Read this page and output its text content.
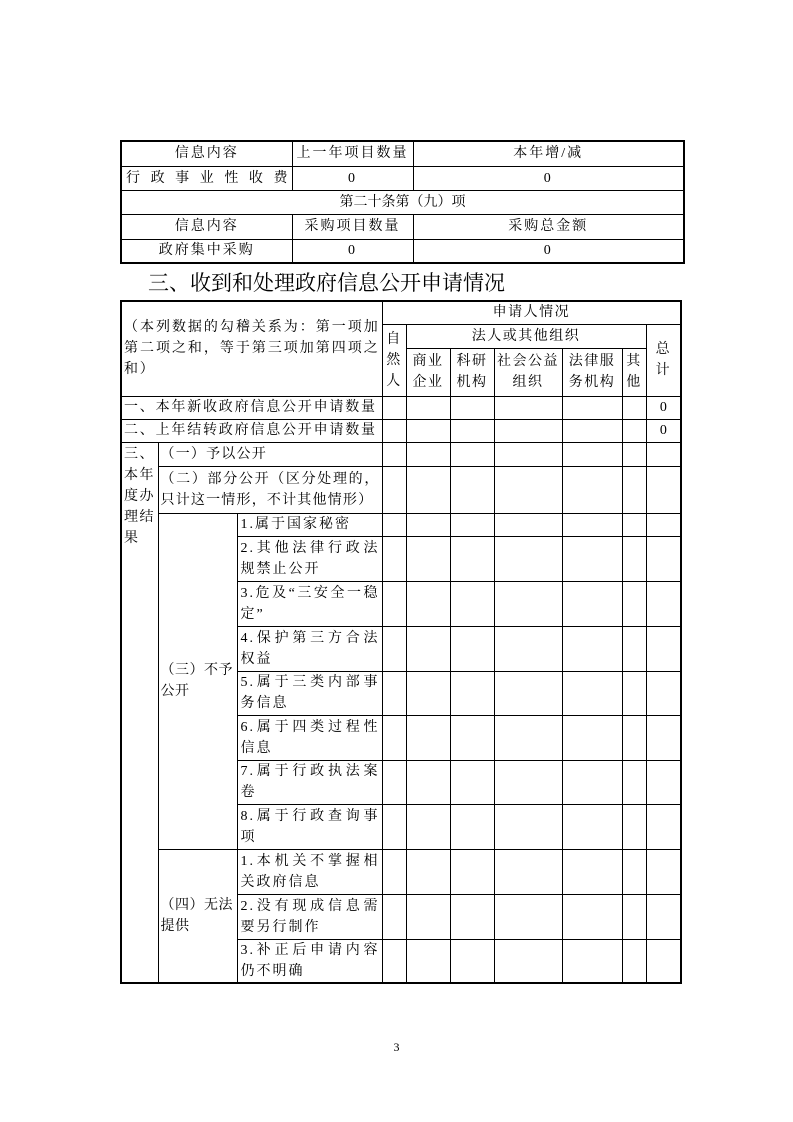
信息内容	上一年项目数量	本年增/减
行政事业性收费	0	0
第二十条第（九）项		
信息内容	采购项目数量	采购总金额
政府集中采购	0	0
三、收到和处理政府信息公开申请情况
（本列数据的勾稽关系为：第一项加第二项之和，等于第三项加第四项之和）			申请人情况						
			自然人	法人或其他组织					总计
				商业企业	科研机构	社会公益组织	法律服务机构	其他	
一、本年新收政府信息公开申请数量									0
二、上年结转政府信息公开申请数量									0
三、本年度办理结果	（一）予以公开								
	（二）部分公开（区分处理的，只计这一情形，不计其他情形）								
	（三）不予公开	1.属于国家秘密							
		2.其他法律行政法规禁止公开							
		3.危及“三安全一稳定”							
		4.保护第三方合法权益							
		5.属于三类内部事务信息							
		6.属于四类过程性信息							
		7.属于行政执法案卷							
		8.属于行政查询事项							
	（四）无法提供	1.本机关不掌握相关政府信息							
		2.没有现成信息需要另行制作							
		3.补正后申请内容仍不明确							
3
